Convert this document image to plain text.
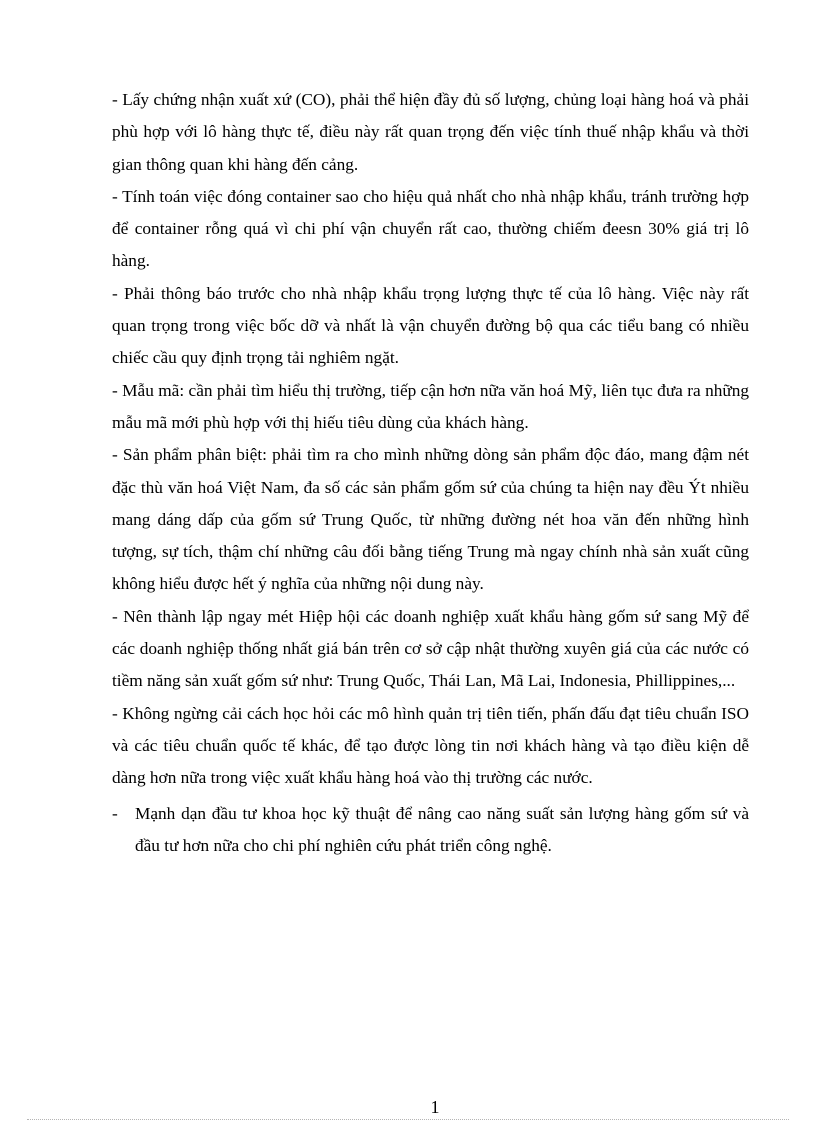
- Lấy chứng nhận xuất xứ (CO), phải thể hiện đầy đủ số lượng, chủng loại hàng hoá và phải phù hợp với lô hàng thực tế, điều này rất quan trọng đến việc tính thuế nhập khẩu và thời gian thông quan khi hàng đến cảng.

- Tính toán việc đóng container sao cho hiệu quả nhất cho nhà nhập khẩu, tránh trường hợp để container rỗng quá vì chi phí vận chuyển rất cao, thường chiếm đeesn 30% giá trị lô hàng.

- Phải thông báo trước cho nhà nhập khẩu trọng lượng thực tế của lô hàng. Việc này rất quan trọng trong việc bốc dỡ và nhất là vận chuyển đường bộ qua các tiểu bang có nhiều chiếc cầu quy định trọng tải nghiêm ngặt.

- Mẫu mã: cần phải tìm hiểu thị trường, tiếp cận hơn nữa văn hoá Mỹ, liên tục đưa ra những mẫu mã mới phù hợp với thị hiếu tiêu dùng của khách hàng.

- Sản phẩm phân biệt: phải tìm ra cho mình những dòng sản phẩm độc đáo, mang đậm nét đặc thù văn hoá Việt Nam, đa số các sản phẩm gốm sứ của chúng ta hiện nay đều Ýt nhiều mang dáng dấp của gốm sứ Trung Quốc, từ những đường nét hoa văn đến những hình tượng, sự tích, thậm chí những câu đối bằng tiếng Trung mà ngay chính nhà sản xuất cũng không hiểu được hết ý nghĩa của những nội dung này.

- Nên thành lập ngay mét Hiệp hội các doanh nghiệp xuất khẩu hàng gốm sứ sang Mỹ để các doanh nghiệp thống nhất giá bán trên cơ sở cập nhật thường xuyên giá của các nước có tiềm năng sản xuất gốm sứ như: Trung Quốc, Thái Lan, Mã Lai, Indonesia, Phillippines,...

- Không ngừng cải cách học hỏi các mô hình quản trị tiên tiến, phấn đấu đạt tiêu chuẩn ISO và các tiêu chuẩn quốc tế khác, để tạo được lòng tin nơi khách hàng và tạo điều kiện dễ dàng hơn nữa trong việc xuất khẩu hàng hoá vào thị trường các nước.

- Mạnh dạn đầu tư khoa học kỹ thuật để nâng cao năng suất sản lượng hàng gốm sứ và đầu tư hơn nữa cho chi phí nghiên cứu phát triển công nghệ.
1
